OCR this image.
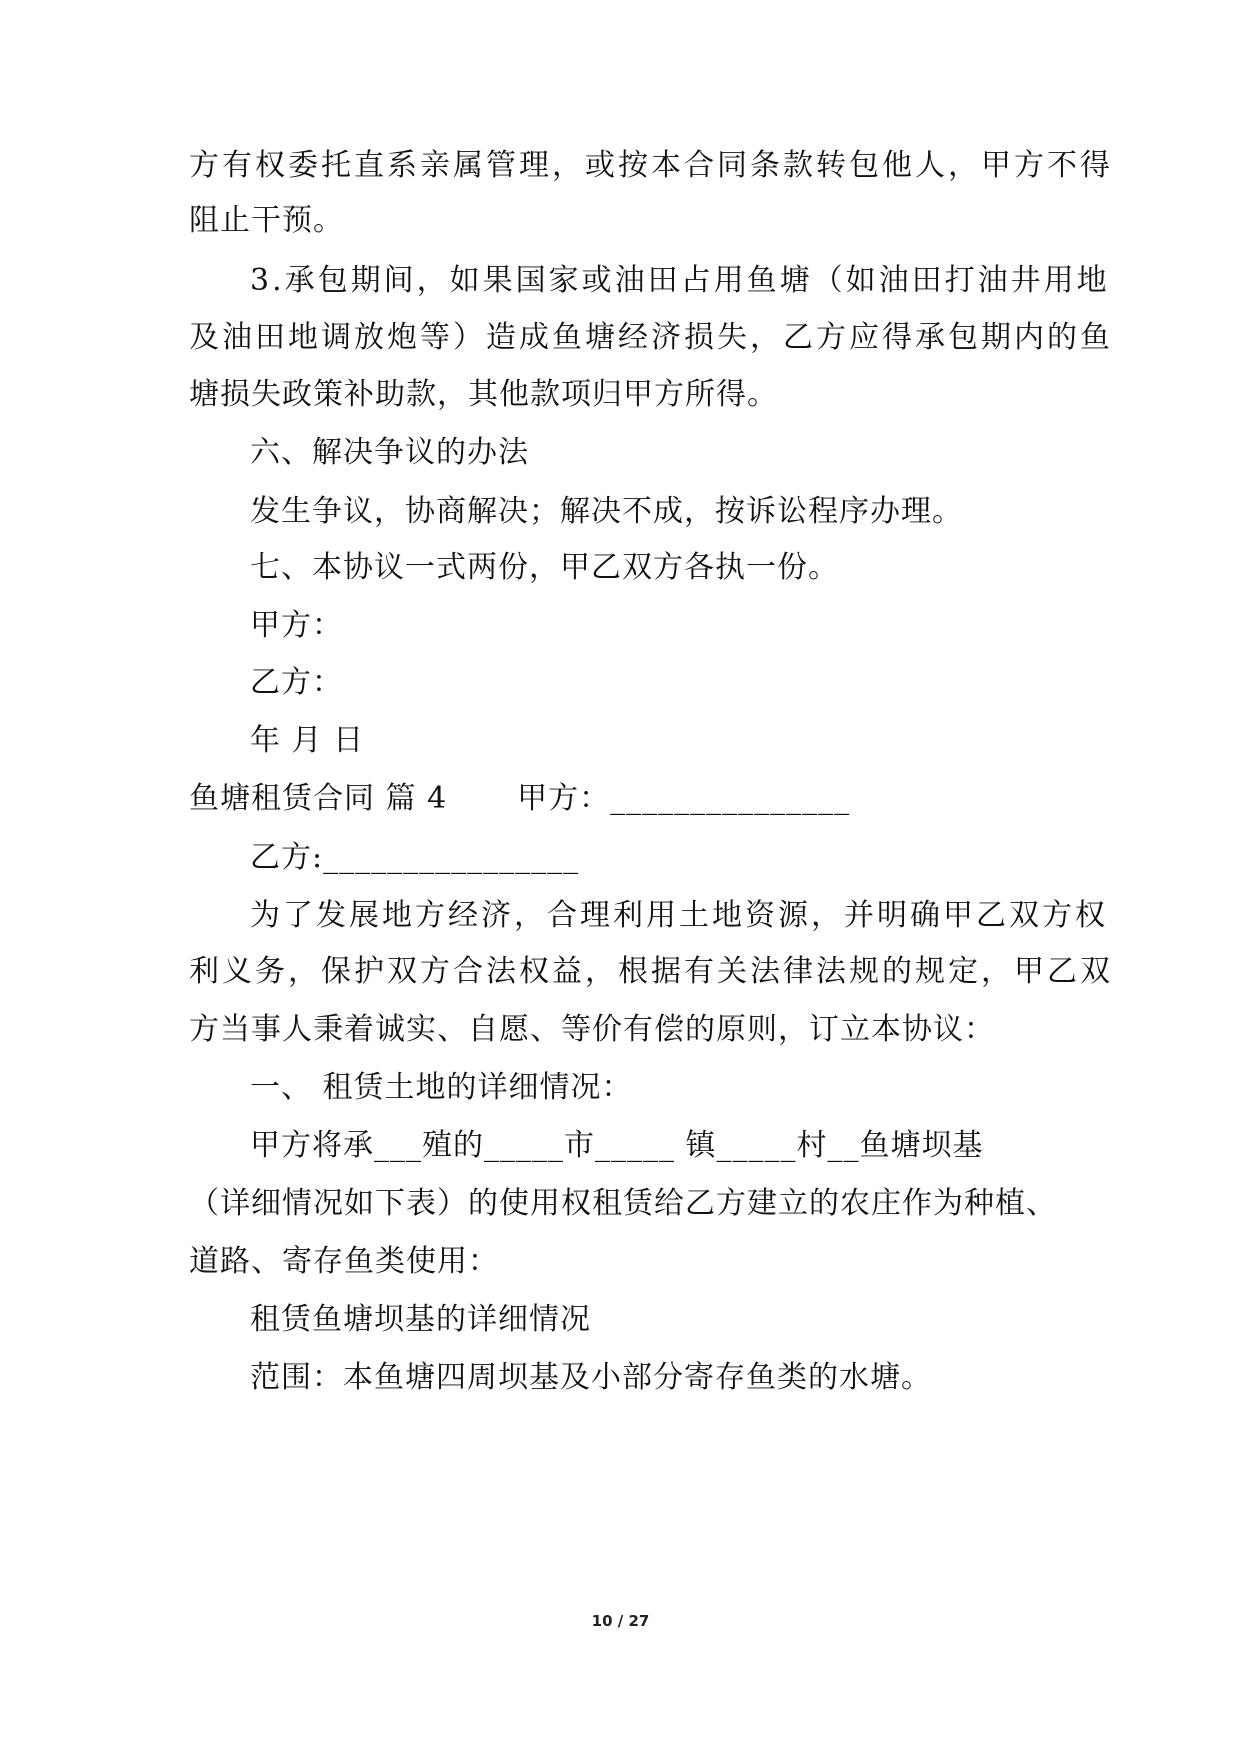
方有权委托直系亲属管理，或按本合同条款转包他人，甲方不得
阻止干预。
3.承包期间，如果国家或油田占用鱼塘（如油田打油井用地
及油田地调放炮等）造成鱼塘经济损失，乙方应得承包期内的鱼
塘损失政策补助款，其他款项归甲方所得。
六、解决争议的办法
发生争议，协商解决；解决不成，按诉讼程序办理。
七、本协议一式两份，甲乙双方各执一份。
甲方：
乙方：
年 月 日
鱼塘租赁合同 篇 4 甲方：_______________
乙方:________________
为了发展地方经济，合理利用土地资源，并明确甲乙双方权
利义务，保护双方合法权益，根据有关法律法规的规定，甲乙双
方当事人秉着诚实、自愿、等价有偿的原则，订立本协议：
一、 租赁土地的详细情况：
甲方将承___殖的_____市_____ 镇_____村__鱼塘坝基
（详细情况如下表）的使用权租赁给乙方建立的农庄作为种植、
道路、寄存鱼类使用：
租赁鱼塘坝基的详细情况
范围：本鱼塘四周坝基及小部分寄存鱼类的水塘。
10 / 27
